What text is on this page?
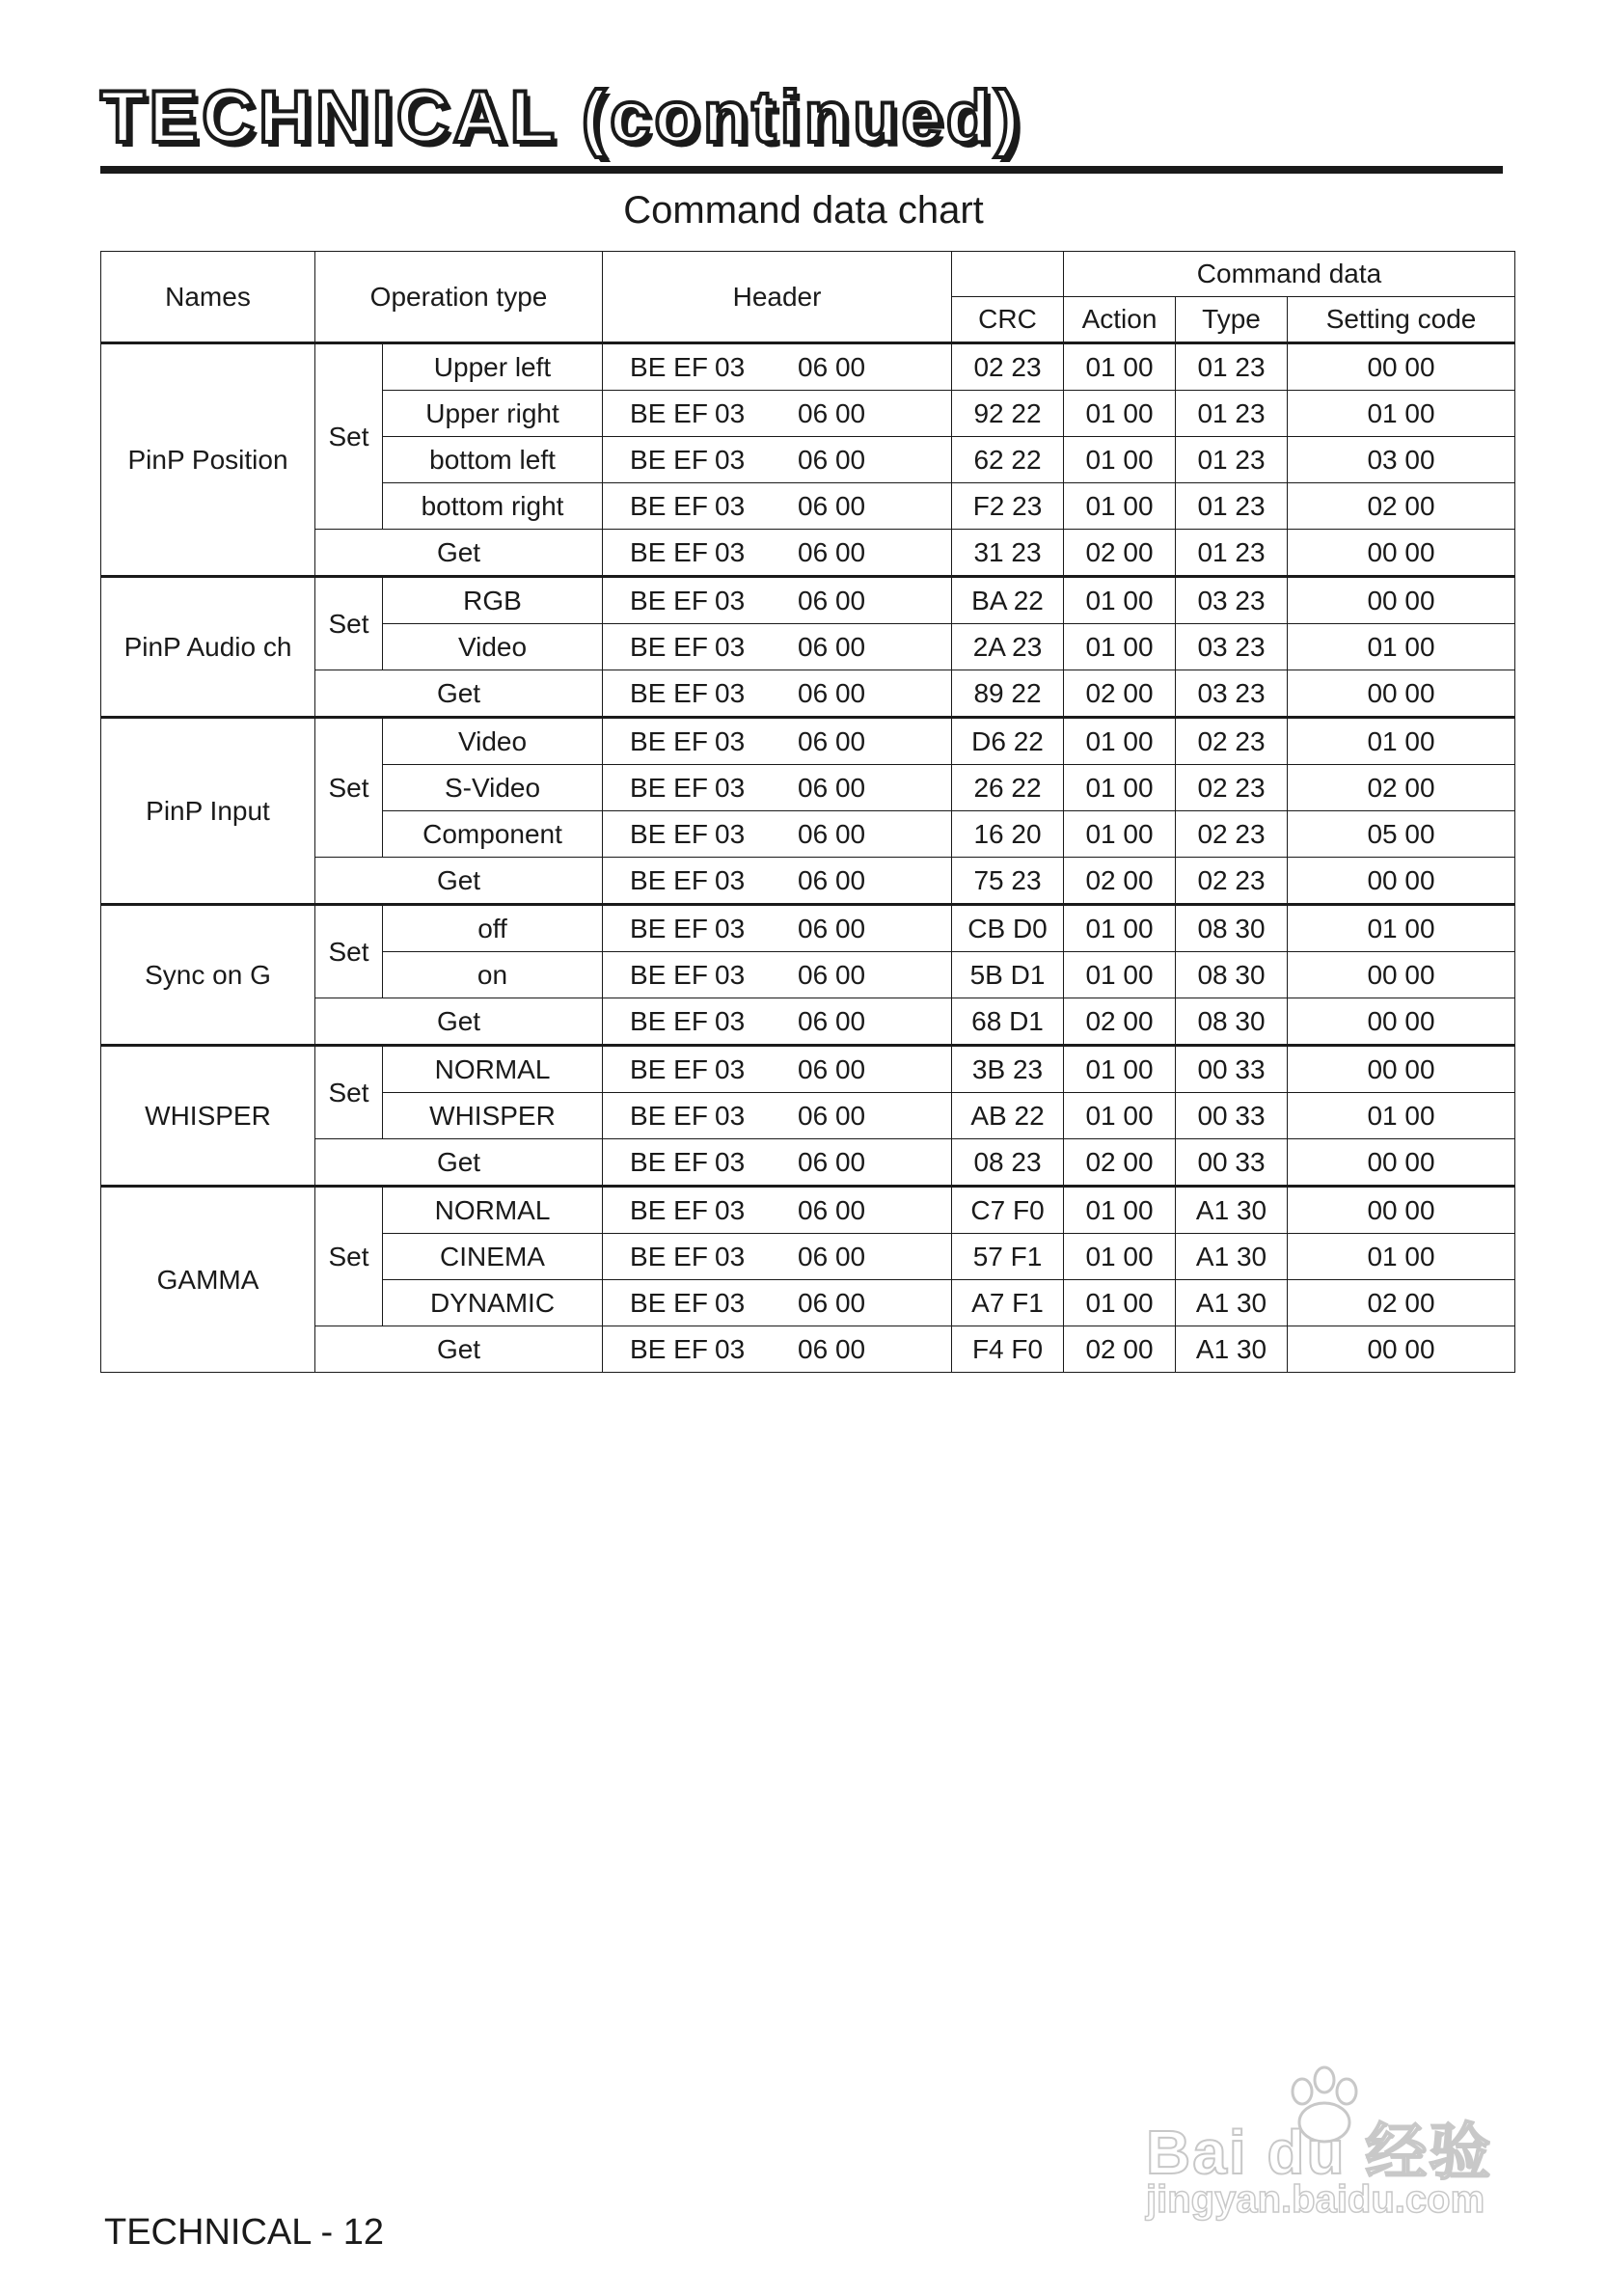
TECHNICAL (continued)
Command data chart
Names	Operation type		Header		Command data		
				CRC	Action	Type	Setting code
PinP Position	Set	Upper left	BE EF 03 06 00	02 23	01 00	01 23	00 00
		Upper right	BE EF 03 06 00	92 22	01 00	01 23	01 00
		bottom left	BE EF 03 06 00	62 22	01 00	01 23	03 00
		bottom right	BE EF 03 06 00	F2 23	01 00	01 23	02 00
	Get		BE EF 03 06 00	31 23	02 00	01 23	00 00
PinP Audio ch	Set	RGB	BE EF 03 06 00	BA 22	01 00	03 23	00 00
		Video	BE EF 03 06 00	2A 23	01 00	03 23	01 00
	Get		BE EF 03 06 00	89 22	02 00	03 23	00 00
PinP Input	Set	Video	BE EF 03 06 00	D6 22	01 00	02 23	01 00
		S-Video	BE EF 03 06 00	26 22	01 00	02 23	02 00
		Component	BE EF 03 06 00	16 20	01 00	02 23	05 00
	Get		BE EF 03 06 00	75 23	02 00	02 23	00 00
Sync on G	Set	off	BE EF 03 06 00	CB D0	01 00	08 30	01 00
		on	BE EF 03 06 00	5B D1	01 00	08 30	00 00
	Get		BE EF 03 06 00	68 D1	02 00	08 30	00 00
WHISPER	Set	NORMAL	BE EF 03 06 00	3B 23	01 00	00 33	00 00
		WHISPER	BE EF 03 06 00	AB 22	01 00	00 33	01 00
	Get		BE EF 03 06 00	08 23	02 00	00 33	00 00
GAMMA	Set	NORMAL	BE EF 03 06 00	C7 F0	01 00	A1 30	00 00
		CINEMA	BE EF 03 06 00	57 F1	01 00	A1 30	01 00
		DYNAMIC	BE EF 03 06 00	A7 F1	01 00	A1 30	02 00
	Get		BE EF 03 06 00	F4 F0	02 00	A1 30	00 00
TECHNICAL - 12
Bai du 经验
jingyan.baidu.com
